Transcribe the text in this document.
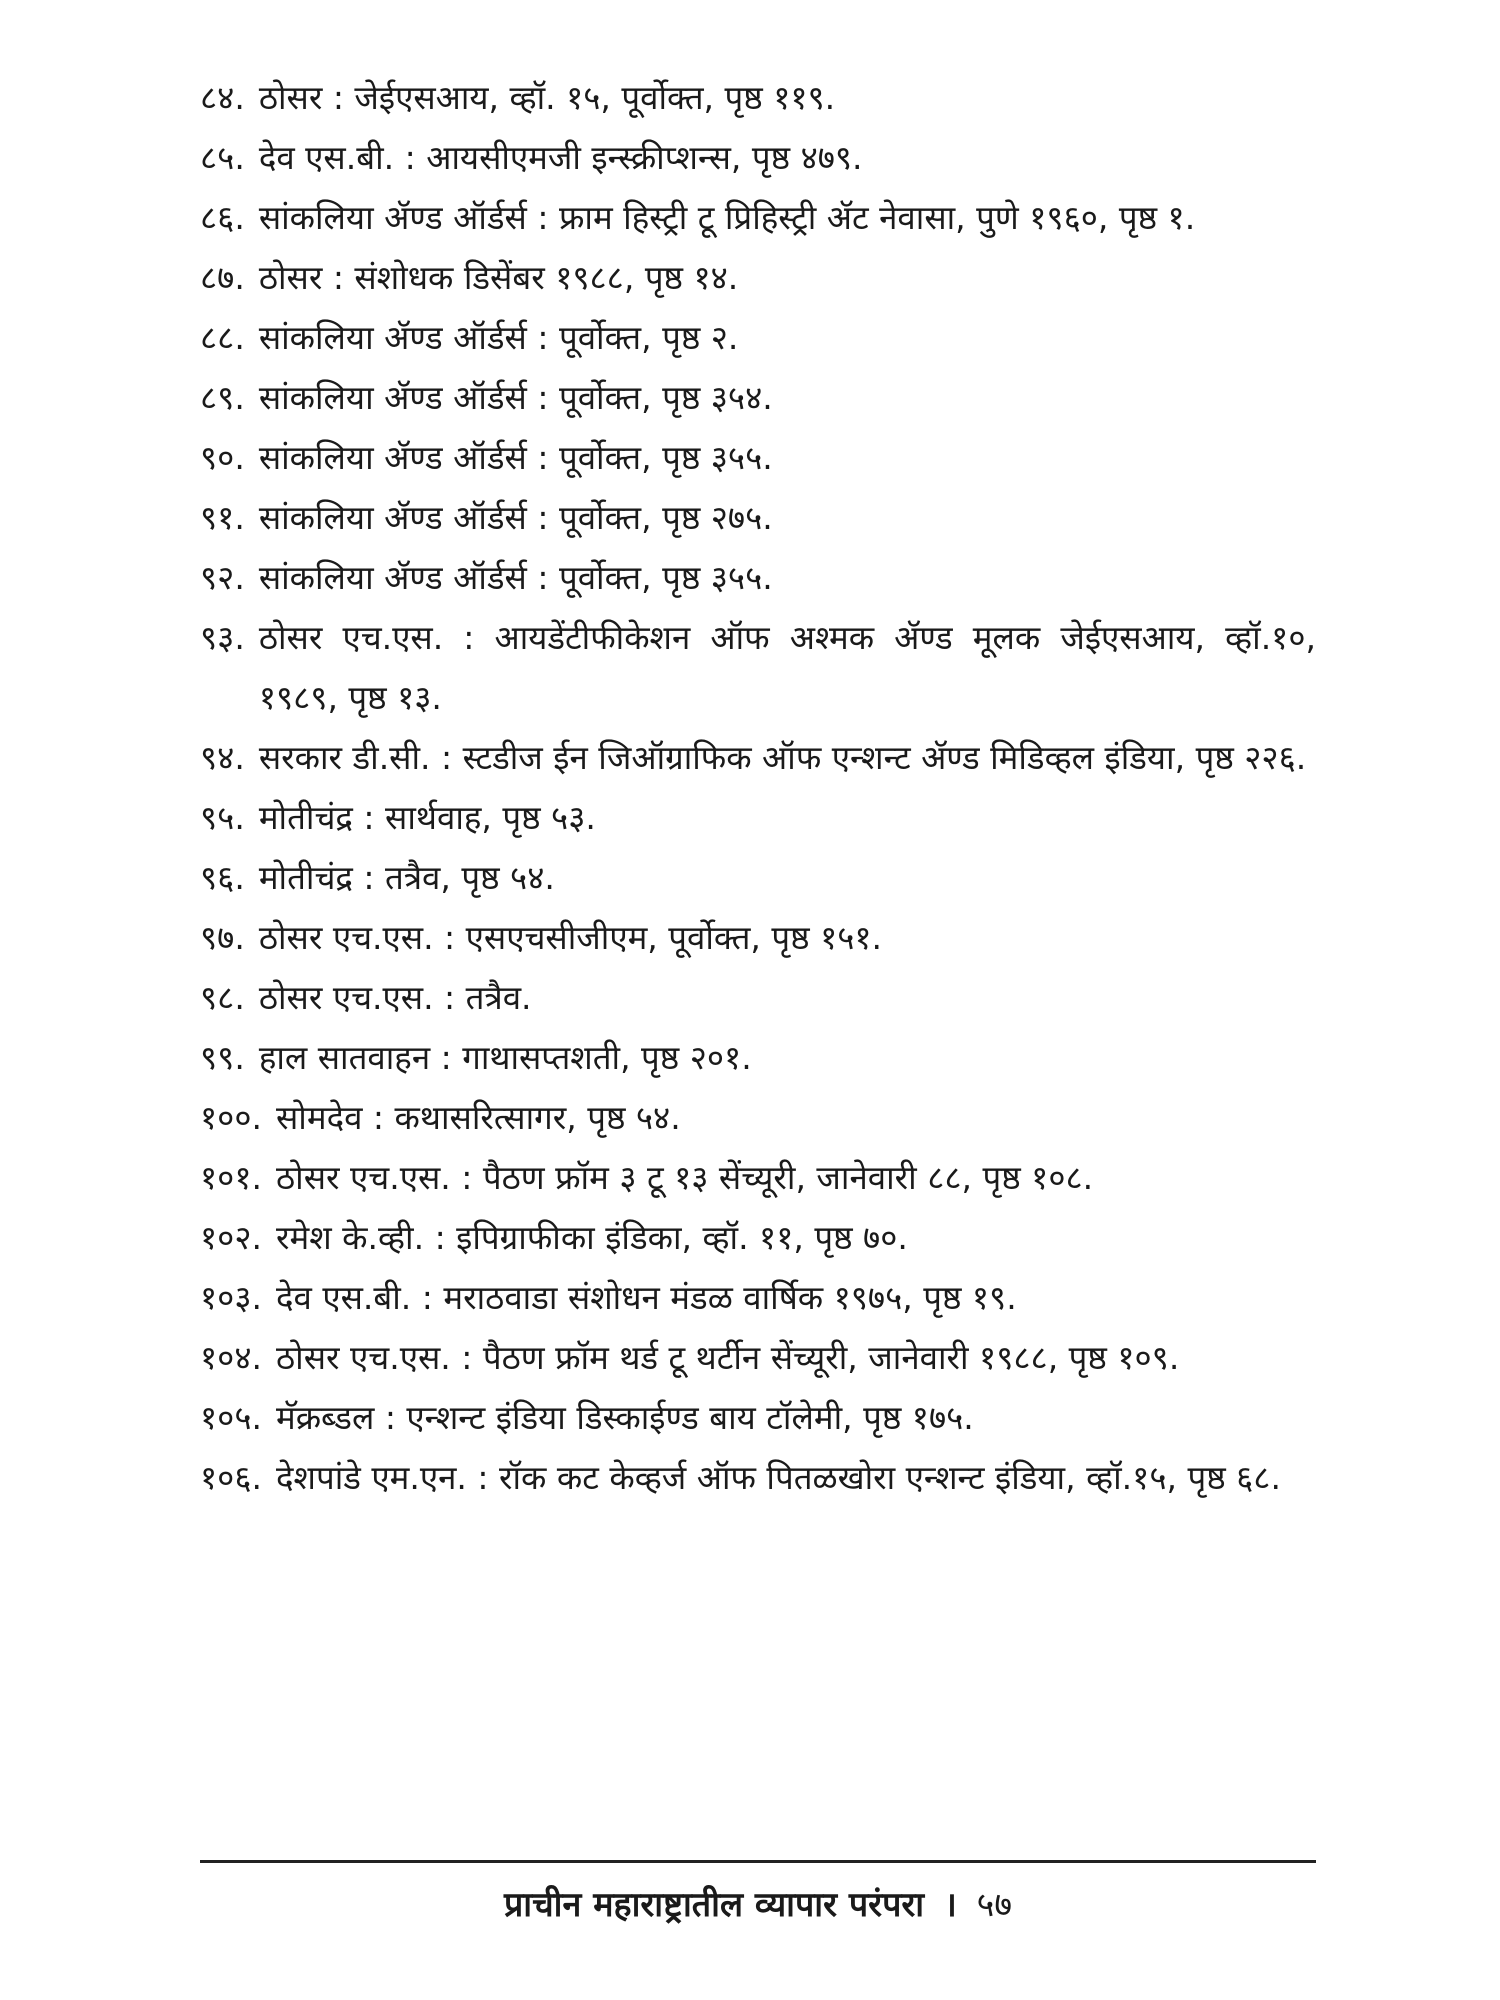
८४. ठोसर : जेईएसआय, व्हॉ. १५, पूर्वोक्त, पृष्ठ ११९.
८५. देव एस.बी. : आयसीएमजी इन्स्क्रीप्शन्स, पृष्ठ ४७९.
८६. सांकलिया ॲण्ड ऑर्डर्स : फ्राम हिस्ट्री टू प्रिहिस्ट्री ॲट नेवासा, पुणे १९६०, पृष्ठ १.
८७. ठोसर : संशोधक डिसेंबर १९८८, पृष्ठ १४.
८८. सांकलिया ॲण्ड ऑर्डर्स : पूर्वोक्त, पृष्ठ २.
८९. सांकलिया ॲण्ड ऑर्डर्स : पूर्वोक्त, पृष्ठ ३५४.
९०. सांकलिया ॲण्ड ऑर्डर्स : पूर्वोक्त, पृष्ठ ३५५.
९१. सांकलिया ॲण्ड ऑर्डर्स : पूर्वोक्त, पृष्ठ २७५.
९२. सांकलिया ॲण्ड ऑर्डर्स : पूर्वोक्त, पृष्ठ ३५५.
९३. ठोसर एच.एस. : आयडेंटीफीकेशन ऑफ अश्मक ॲण्ड मूलक जेईएसआय, व्हॉ.१०, १९८९, पृष्ठ १३.
९४. सरकार डी.सी. : स्टडीज ईन जिऑग्राफिक ऑफ एन्शन्ट ॲण्ड मिडिव्हल इंडिया, पृष्ठ २२६.
९५. मोतीचंद्र : सार्थवाह, पृष्ठ ५३.
९६. मोतीचंद्र : तत्रैव, पृष्ठ ५४.
९७. ठोसर एच.एस. : एसएचसीजीएम, पूर्वोक्त, पृष्ठ १५१.
९८. ठोसर एच.एस. : तत्रैव.
९९. हाल सातवाहन : गाथासप्तशती, पृष्ठ २०१.
१००. सोमदेव : कथासरित्सागर, पृष्ठ ५४.
१०१. ठोसर एच.एस. : पैठण फ्रॉम ३ टू १३ सेंच्यूरी, जानेवारी ८८, पृष्ठ १०८.
१०२. रमेश के.व्ही. : इपिग्राफीका इंडिका, व्हॉ. ११, पृष्ठ ७०.
१०३. देव एस.बी. : मराठवाडा संशोधन मंडळ वार्षिक १९७५, पृष्ठ १९.
१०४. ठोसर एच.एस. : पैठण फ्रॉम थर्ड टू थर्टीन सेंच्यूरी, जानेवारी १९८८, पृष्ठ १०९.
१०५. मॅक्रब्डल : एन्शन्ट इंडिया डिस्काईण्ड बाय टॉलेमी, पृष्ठ १७५.
१०६. देशपांडे एम.एन. : रॉक कट केव्हर्ज ऑफ पितळखोरा एन्शन्ट इंडिया, व्हॉ.१५, पृष्ठ ६८.
प्राचीन महाराष्ट्रातील व्यापार परंपरा । ५७
